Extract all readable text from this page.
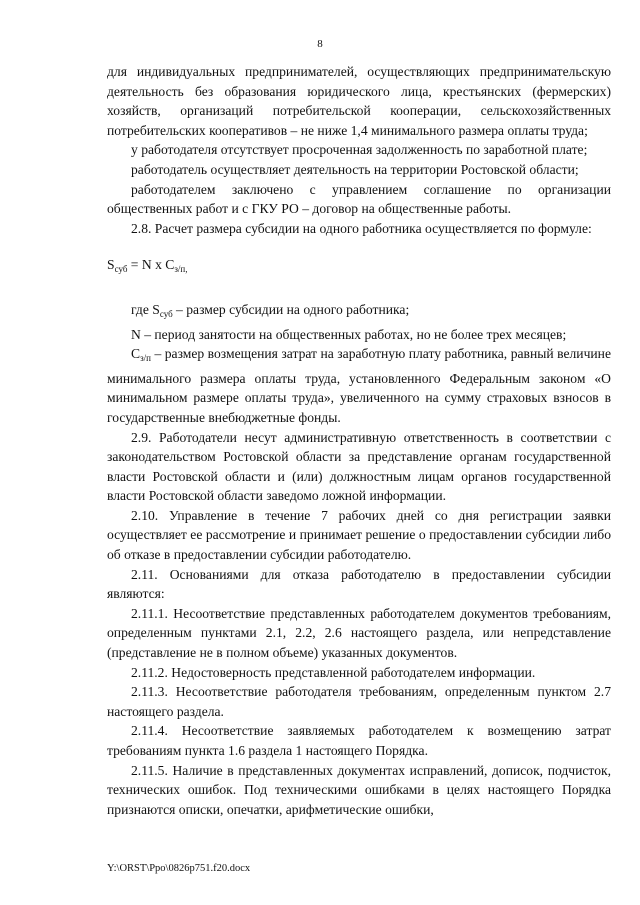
8

для индивидуальных предпринимателей, осуществляющих предпринимательскую деятельность без образования юридического лица, крестьянских (фермерских) хозяйств, организаций потребительской кооперации, сельскохозяйственных потребительских кооперативов – не ниже 1,4 минимального размера оплаты труда;

у работодателя отсутствует просроченная задолженность по заработной плате;

работодатель осуществляет деятельность на территории Ростовской области;

работодателем заключено с управлением соглашение по организации общественных работ и с ГКУ РО – договор на общественные работы.

2.8. Расчет размера субсидии на одного работника осуществляется по формуле:

$S_{суб} = N$ х $C_{з/п,}$

где $S_{суб}$ – размер субсидии на одного работника;

N – период занятости на общественных работах, но не более трех месяцев;

$C_{з/п}$ – размер возмещения затрат на заработную плату работника, равный величине минимального размера оплаты труда, установленного Федеральным законом «О минимальном размере оплаты труда», увеличенного на сумму страховых взносов в государственные внебюджетные фонды.

2.9. Работодатели несут административную ответственность в соответствии с законодательством Ростовской области за представление органам государственной власти Ростовской области и (или) должностным лицам органов государственной власти Ростовской области заведомо ложной информации.

2.10. Управление в течение 7 рабочих дней со дня регистрации заявки осуществляет ее рассмотрение и принимает решение о предоставлении субсидии либо об отказе в предоставлении субсидии работодателю.

2.11. Основаниями для отказа работодателю в предоставлении субсидии являются:

2.11.1. Несоответствие представленных работодателем документов требованиям, определенным пунктами 2.1, 2.2, 2.6 настоящего раздела, или непредставление (представление не в полном объеме) указанных документов.

2.11.2. Недостоверность представленной работодателем информации.

2.11.3. Несоответствие работодателя требованиям, определенным пунктом 2.7 настоящего раздела.

2.11.4. Несоответствие заявляемых работодателем к возмещению затрат требованиям пункта 1.6 раздела 1 настоящего Порядка.

2.11.5. Наличие в представленных документах исправлений, дописок, подчисток, технических ошибок. Под техническими ошибками в целях настоящего Порядка признаются описки, опечатки, арифметические ошибки,

Y:\ORST\Ppo\0826p751.f20.docx
